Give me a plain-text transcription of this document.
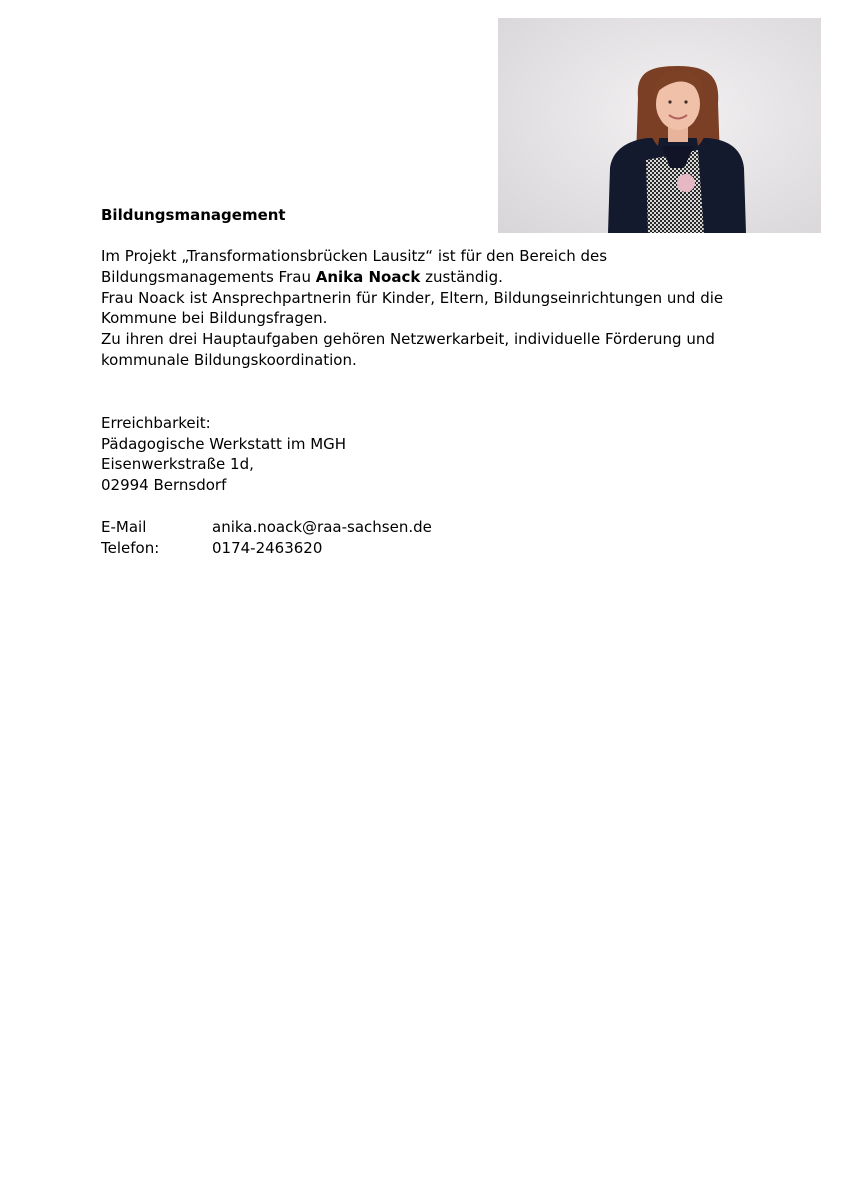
Bildungsmanagement

Im Projekt „Transformationsbrücken Lausitz“ ist für den Bereich des

Bildungsmanagements Frau Anika Noack zuständig.

Frau Noack ist Ansprechpartnerin für Kinder, Eltern, Bildungseinrichtungen und die

Kommune bei Bildungsfragen.

Zu ihren drei Hauptaufgaben gehören Netzwerkarbeit, individuelle Förderung und

kommunale Bildungskoordination.

Erreichbarkeit:

Pädagogische Werkstatt im MGH

Eisenwerkstraße 1d,

02994 Bernsdorf

E-Mail	anika.noack@raa-sachsen.de
Telefon:	0174-2463620
